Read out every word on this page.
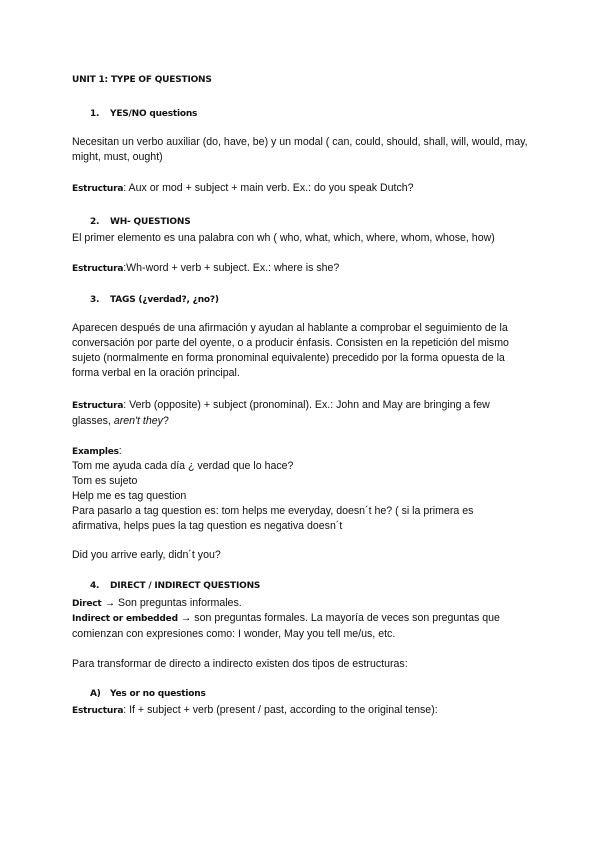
UNIT 1: TYPE OF QUESTIONS
1. YES/NO questions

Necesitan un verbo auxiliar (do, have, be) y un modal ( can, could, should, shall, will, would, may, might, must, ought)

Estructura: Aux or mod + subject + main verb. Ex.: do you speak Dutch?

2. WH- QUESTIONS

El primer elemento es una palabra con wh ( who, what, which, where, whom, whose, how)

Estructura:Wh-word + verb + subject. Ex.: where is she?

3. TAGS (¿verdad?, ¿no?)

Aparecen después de una afirmación y ayudan al hablante a comprobar el seguimiento de la conversación por parte del oyente, o a producir énfasis. Consisten en la repetición del mismo sujeto (normalmente en forma pronominal equivalente) precedido por la forma opuesta de la forma verbal en la oración principal.

Estructura: Verb (opposite) + subject (pronominal). Ex.: John and May are bringing a few glasses, aren't they?

Examples:

Tom me ayuda cada día ¿ verdad que lo hace?

Tom es sujeto

Help me es tag question

Para pasarlo a tag question es: tom helps me everyday, doesn´t he? ( si la primera es afirmativa, helps pues la tag question es negativa doesn´t

Did you arrive early, didn´t you?

4. DIRECT / INDIRECT QUESTIONS

Direct → Son preguntas informales.

Indirect or embedded → son preguntas formales. La mayoría de veces son preguntas que comienzan con expresiones como: I wonder, May you tell me/us, etc.

Para transformar de directo a indirecto existen dos tipos de estructuras:

A) Yes or no questions

Estructura: If + subject + verb (present / past, according to the original tense):
